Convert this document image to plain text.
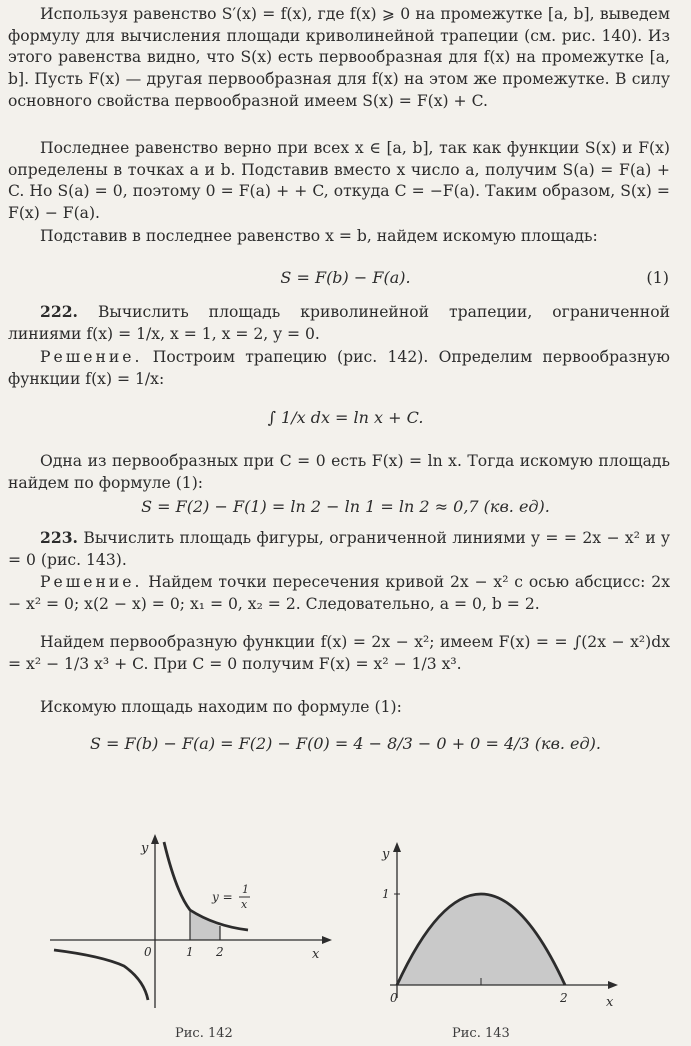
Используя равенство S′(x) = f(x), где f(x) ⩾ 0 на промежутке [a, b], выведем формулу для вычисления площади криволинейной трапеции (см. рис. 140). Из этого равенства видно, что S(x) есть первообразная для f(x) на промежутке [a, b]. Пусть F(x) — другая первообразная для f(x) на этом же промежутке. В силу основного свойства первообразной имеем S(x) = F(x) + C.

Последнее равенство верно при всех x ∈ [a, b], так как функции S(x) и F(x) определены в точках a и b. Подставив вместо x число a, получим S(a) = F(a) + C. Но S(a) = 0, поэтому 0 = F(a) + + C, откуда C = −F(a). Таким образом, S(x) = F(x) − F(a).

Подставив в последнее равенство x = b, найдем искомую площадь:

S = F(b) − F(a).	(1)

222. Вычислить площадь криволинейной трапеции, ограниченной линиями f(x) = 1/x, x = 1, x = 2, y = 0.

Решение. Построим трапецию (рис. 142). Определим первообразную функции f(x) = 1/x:

∫ 1/x dx = ln x + C.

Одна из первообразных при C = 0 есть F(x) = ln x. Тогда искомую площадь найдем по формуле (1):

S = F(2) − F(1) = ln 2 − ln 1 = ln 2 ≈ 0,7 (кв. ед).

223. Вычислить площадь фигуры, ограниченной линиями y = = 2x − x² и y = 0 (рис. 143).

Решение. Найдем точки пересечения кривой 2x − x² с осью абсцисс: 2x − x² = 0; x(2 − x) = 0; x₁ = 0, x₂ = 2. Следовательно, a = 0, b = 2.

Найдем первообразную функции f(x) = 2x − x²; имеем F(x) = = ∫(2x − x²)dx = x² − 1/3 x³ + C. При C = 0 получим F(x) = x² − 1/3 x³.

Искомую площадь находим по формуле (1):

S = F(b) − F(a) = F(2) − F(0) = 4 − 8/3 − 0 + 0 = 4/3 (кв. ед).

x
y
0	1 2
y =
1
x
Рис. 142
x
y
0	2
1
Рис. 143
